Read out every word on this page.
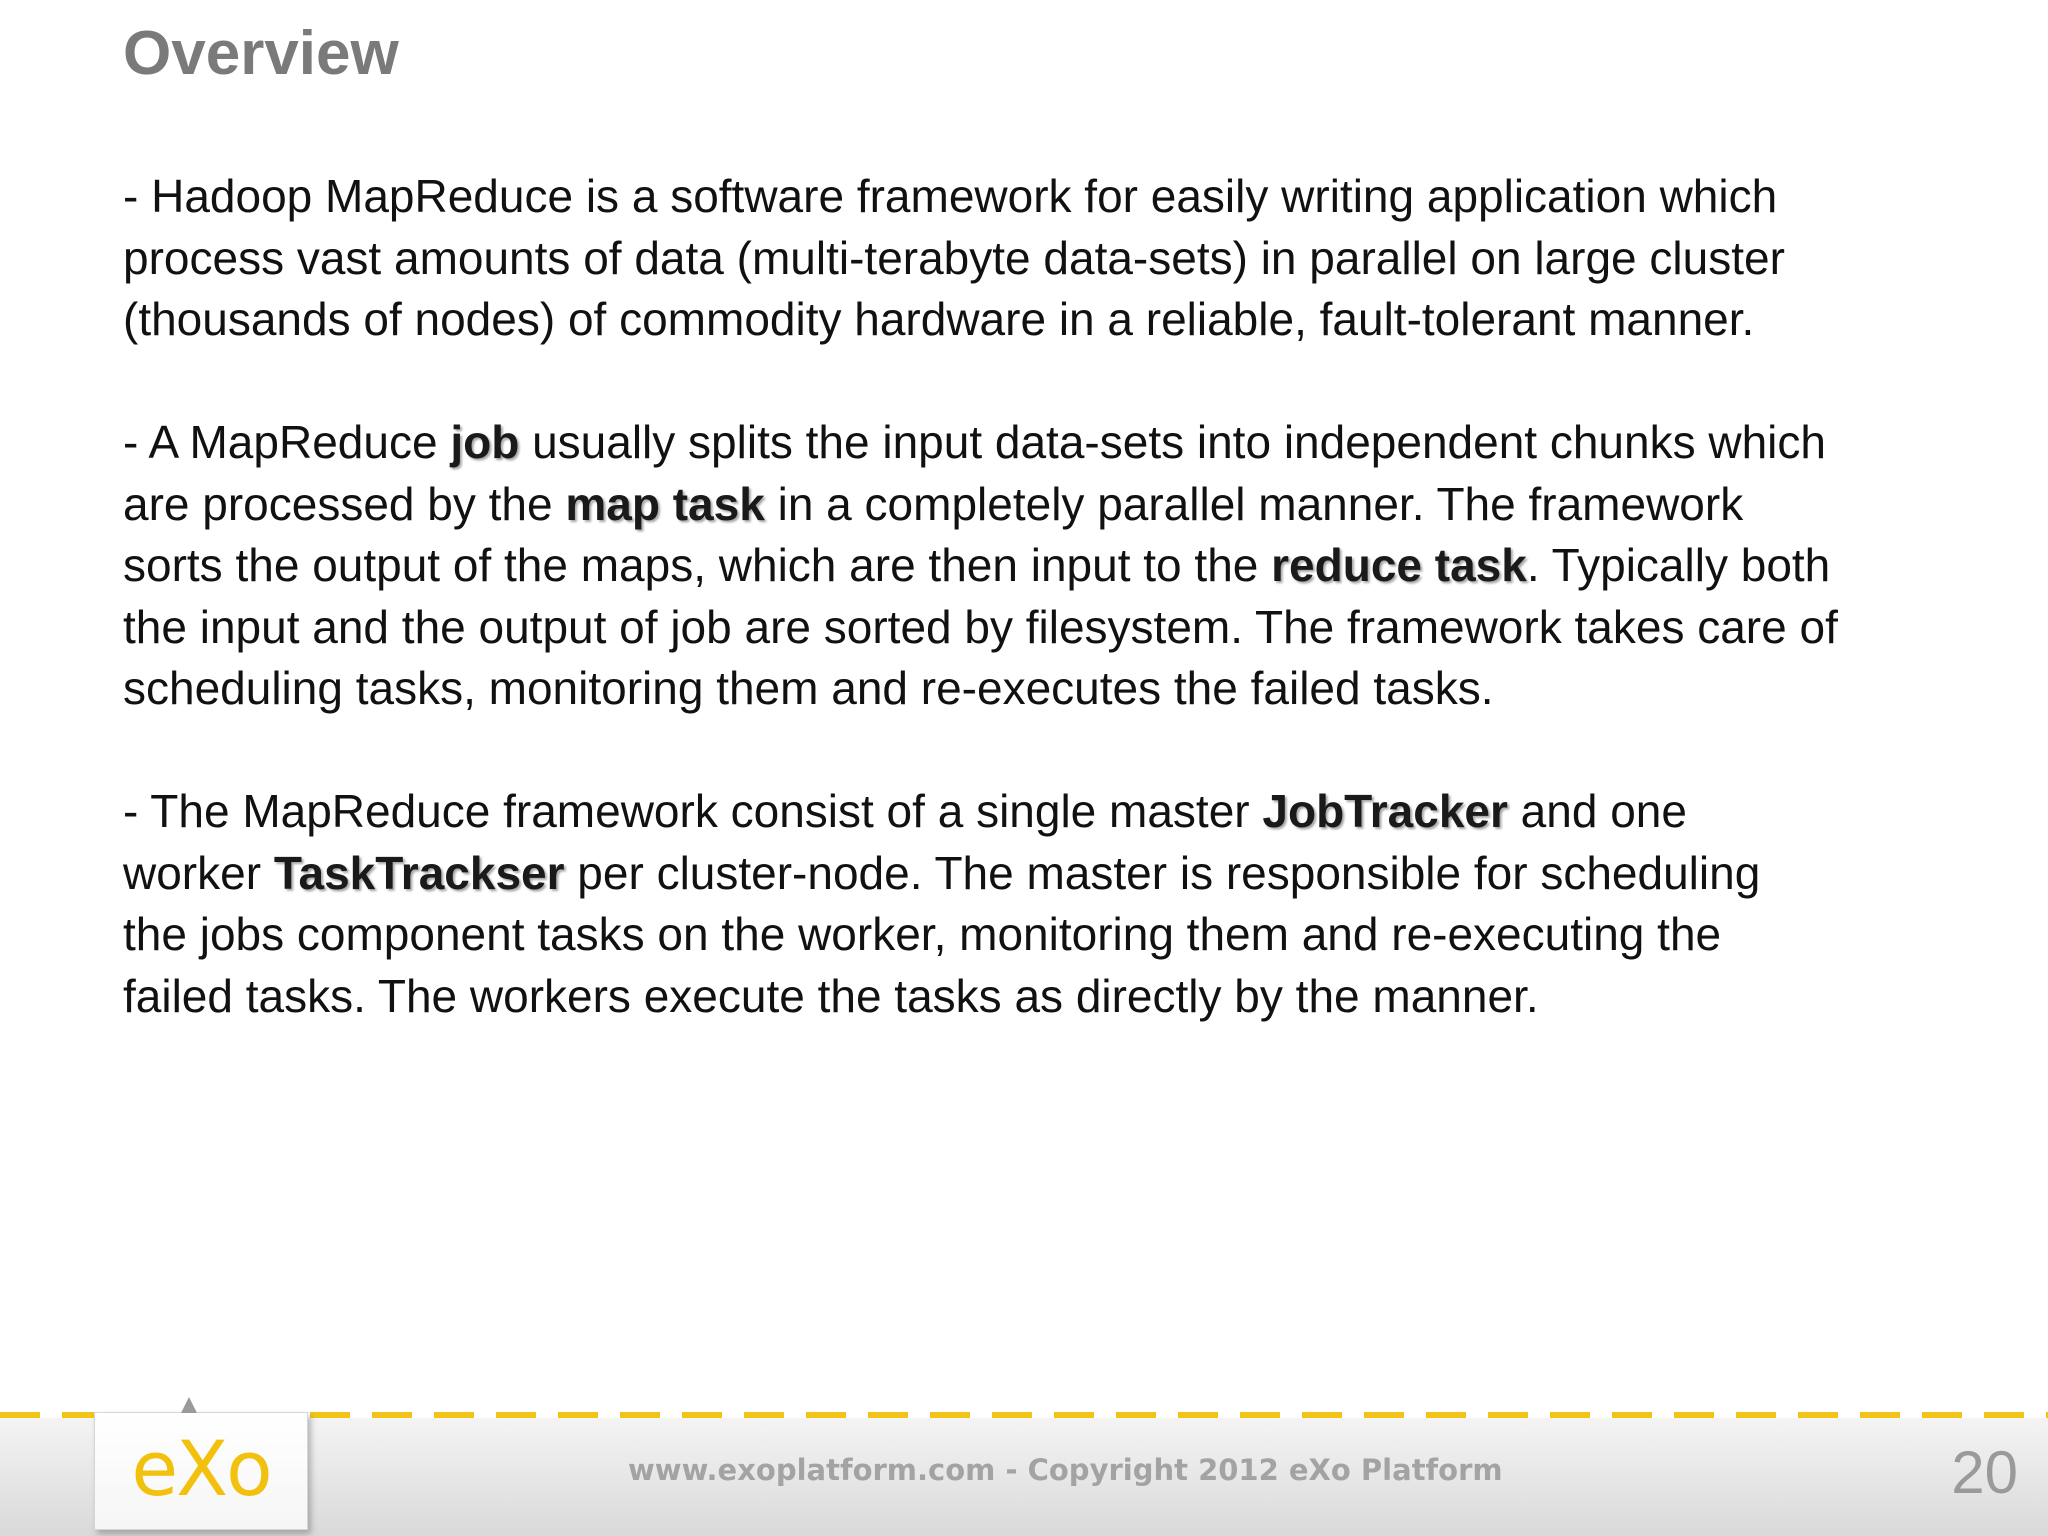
Overview

- Hadoop MapReduce is a software framework for easily writing application which
process vast amounts of data (multi-terabyte data-sets) in parallel on large cluster
(thousands of nodes) of commodity hardware in a reliable, fault-tolerant manner.

- A MapReduce job usually splits the input data-sets into independent chunks which
are processed by the map task in a completely parallel manner. The framework
sorts the output of the maps, which are then input to the reduce task. Typically both
the input and the output of job are sorted by filesystem. The framework takes care of
scheduling tasks, monitoring them and re-executes the failed tasks.

- The MapReduce framework consist of a single master JobTracker and one
worker TaskTrackser per cluster-node. The master is responsible for scheduling
the jobs component tasks on the worker, monitoring them and re-executing the
failed tasks. The workers execute the tasks as directly by the manner.

eXo	www.exoplatform.com - Copyright 2012 eXo Platform	20
